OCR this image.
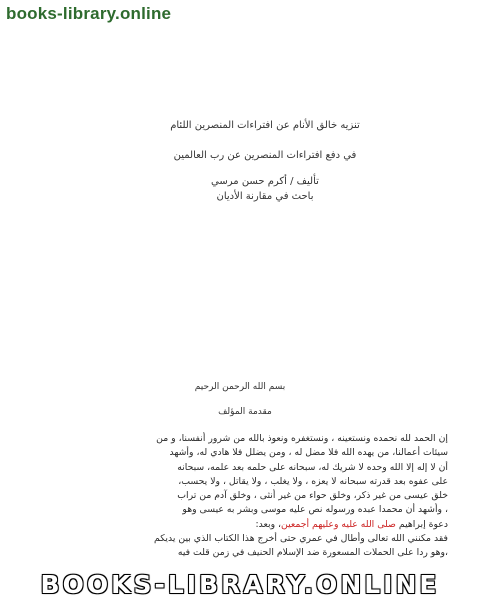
books-library.online
تنزيه خالق الأنام عن افتراءات المنصرين اللئام
في دفع افتراءات المنصرين عن رب العالمين
تأليف / أكرم حسن مرسي
باحث في مقارنة الأديان
بسم الله الرحمن الرحيم
مقدمة المؤلف

إن الحمد لله نحمده ونستعينه ، ونستغفره ونعوذ بالله من شرور أنفسنا، و من

سيئات أعمالنا، من يهده الله فلا مضل له ، ومن يضلل فلا هادي له، وأشهد

أن لا إله إلا الله وحده لا شريك له، سبحانه على حلمه بعد علمه، سبحانه

على عفوه بعد قدرته سبحانه لا يعزه ، ولا يغلب ، ولا يقاتل ، ولا يحسب،

خلق عيسى من غير ذكر، وخلق حواء من غير أنثى ، وخلق آدم من تراب

، وأشهد أن محمدا عبده ورسوله نص عليه موسى وبشر به عيسى وهو

دعوة إبراهيم صلى الله عليه وعليهم أجمعين، وبعد:

فقد مكنني الله تعالى وأطال في عمري حتى أخرج هذا الكتاب الذي بين يديكم

،وهو ردا على الحملات المسعورة ضد الإسلام الحنيف في زمن قلت فيه

BOOKS-LIBRARY.ONLINE
